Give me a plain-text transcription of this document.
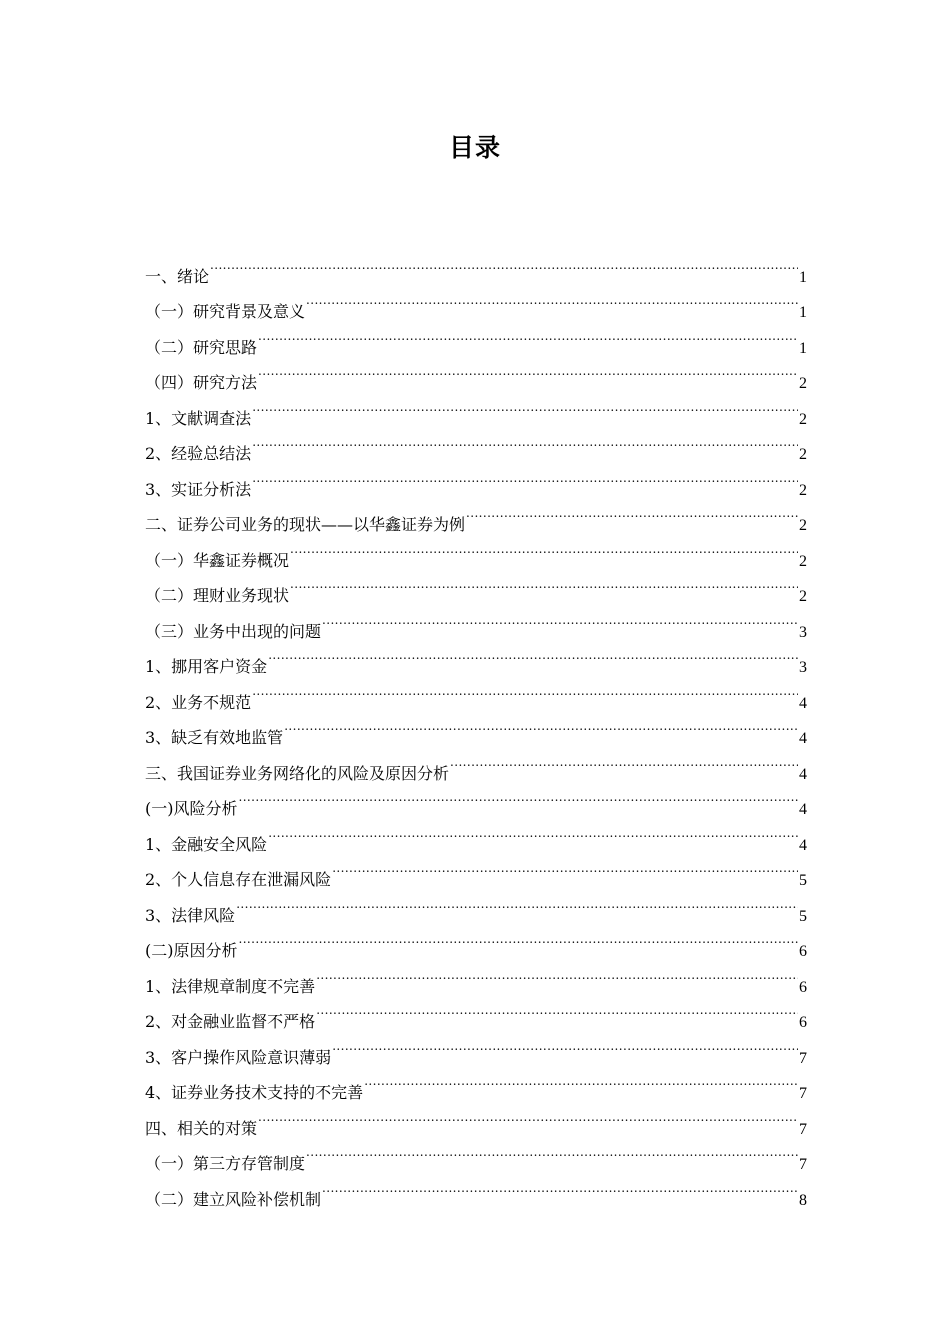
目录
一、绪论 .....	1
（一）研究背景及意义 .....	1
（二）研究思路 .....	1
（四）研究方法 .....	2
1、文献调查法 .....	2
2、经验总结法 .....	2
3、实证分析法 .....	2
二、证券公司业务的现状——以华鑫证券为例 .....	2
（一）华鑫证券概况 .....	2
（二）理财业务现状 .....	2
（三）业务中出现的问题 .....	3
1、挪用客户资金 .....	3
2、业务不规范 .....	4
3、缺乏有效地监管 .....	4
三、我国证券业务网络化的风险及原因分析 .....	4
(一)风险分析 .....	4
1、金融安全风险 .....	4
2、个人信息存在泄漏风险 .....	5
3、法律风险 .....	5
(二)原因分析 .....	6
1、法律规章制度不完善 .....	6
2、对金融业监督不严格 .....	6
3、客户操作风险意识薄弱 .....	7
4、证券业务技术支持的不完善 .....	7
四、相关的对策 .....	7
（一）第三方存管制度 .....	7
（二）建立风险补偿机制 .....	8
